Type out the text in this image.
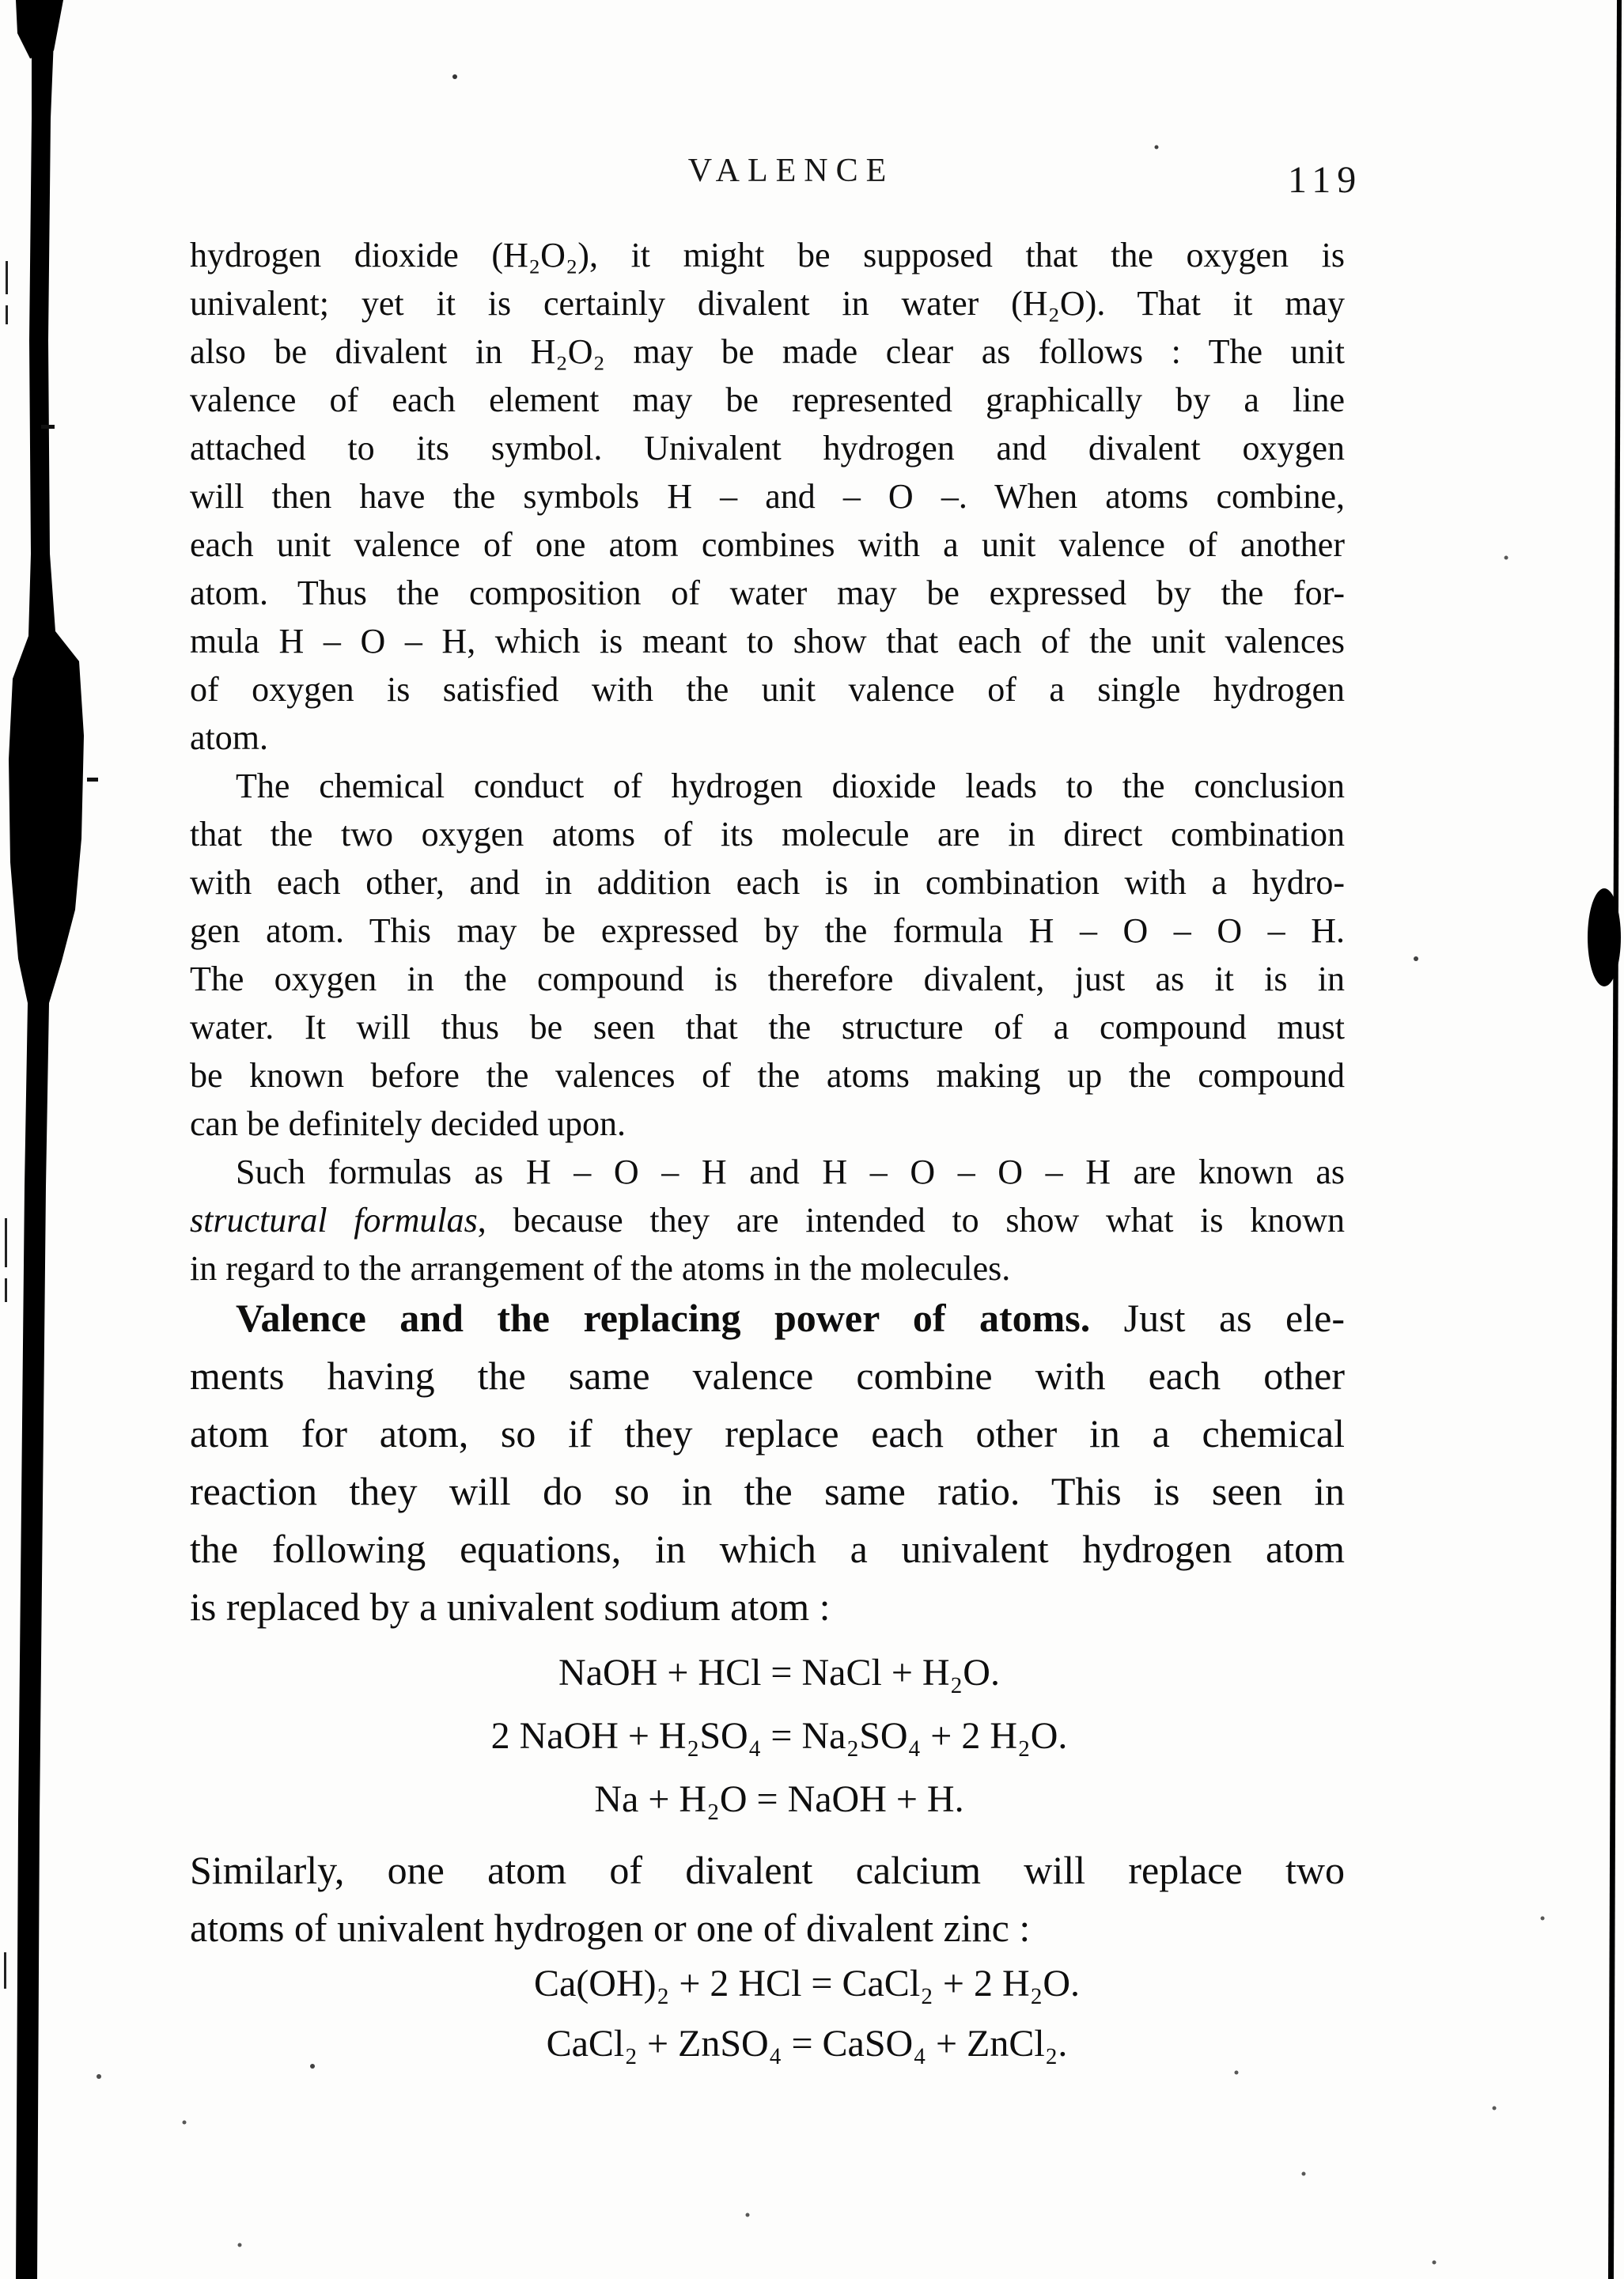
VALENCE	119
hydrogen dioxide (H₂O₂), it might be supposed that the oxygen is
univalent; yet it is certainly divalent in water (H₂O). That it may
also be divalent in H₂O₂ may be made clear as follows : The unit
valence of each element may be represented graphically by a line
attached to its symbol. Univalent hydrogen and divalent oxygen
will then have the symbols H – and – O –. When atoms combine,
each unit valence of one atom combines with a unit valence of another
atom. Thus the composition of water may be expressed by the for-
mula H – O – H, which is meant to show that each of the unit valences
of oxygen is satisfied with the unit valence of a single hydrogen
atom.
The chemical conduct of hydrogen dioxide leads to the conclusion
that the two oxygen atoms of its molecule are in direct combination
with each other, and in addition each is in combination with a hydro-
gen atom. This may be expressed by the formula H – O – O – H.
The oxygen in the compound is therefore divalent, just as it is in
water. It will thus be seen that the structure of a compound must
be known before the valences of the atoms making up the compound
can be definitely decided upon.
Such formulas as H – O – H and H – O – O – H are known as
structural formulas, because they are intended to show what is known
in regard to the arrangement of the atoms in the molecules.
Valence and the replacing power of atoms. Just as ele-
ments having the same valence combine with each other
atom for atom, so if they replace each other in a chemical
reaction they will do so in the same ratio. This is seen in
the following equations, in which a univalent hydrogen atom
is replaced by a univalent sodium atom :
NaOH + HCl = NaCl + H₂O.
2 NaOH + H₂SO₄ = Na₂SO₄ + 2 H₂O.
Na + H₂O = NaOH + H.
Similarly, one atom of divalent calcium will replace two
atoms of univalent hydrogen or one of divalent zinc :
Ca(OH)₂ + 2 HCl = CaCl₂ + 2 H₂O.
CaCl₂ + ZnSO₄ = CaSO₄ + ZnCl₂.
